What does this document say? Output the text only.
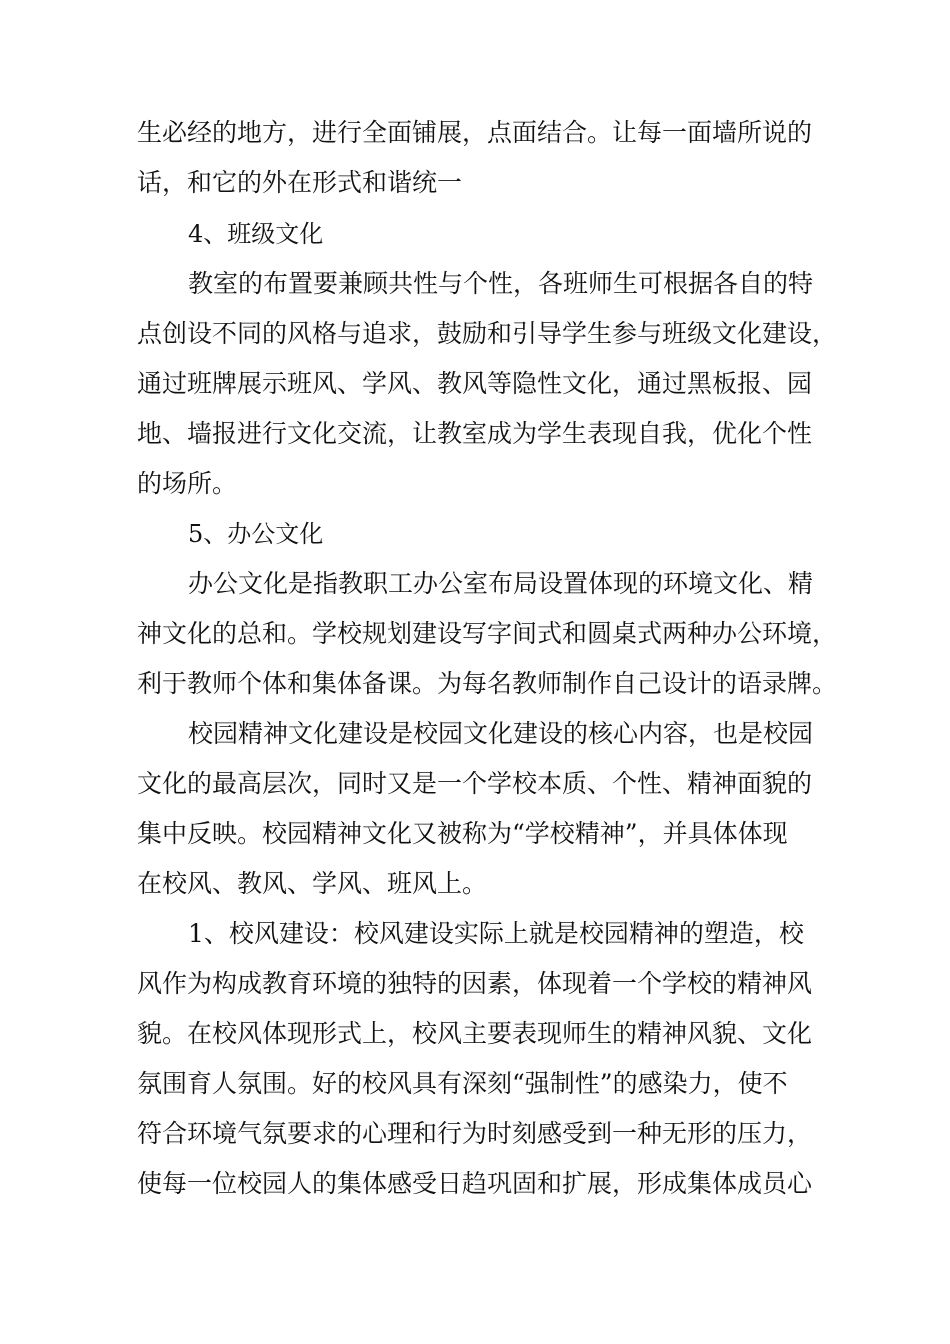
生必经的地方，进行全面铺展，点面结合。让每一面墙所说的
话，和它的外在形式和谐统一
4、班级文化
教室的布置要兼顾共性与个性，各班师生可根据各自的特
点创设不同的风格与追求，鼓励和引导学生参与班级文化建设，
通过班牌展示班风、学风、教风等隐性文化，通过黑板报、园
地、墙报进行文化交流，让教室成为学生表现自我，优化个性
的场所。
5、办公文化
办公文化是指教职工办公室布局设置体现的环境文化、精
神文化的总和。学校规划建设写字间式和圆桌式两种办公环境，
利于教师个体和集体备课。为每名教师制作自己设计的语录牌。
校园精神文化建设是校园文化建设的核心内容，也是校园
文化的最高层次，同时又是一个学校本质、个性、精神面貌的
集中反映。校园精神文化又被称为“学校精神”，并具体体现
在校风、教风、学风、班风上。
1、校风建设：校风建设实际上就是校园精神的塑造，校
风作为构成教育环境的独特的因素，体现着一个学校的精神风
貌。在校风体现形式上，校风主要表现师生的精神风貌、文化
氛围育人氛围。好的校风具有深刻“强制性”的感染力，使不
符合环境气氛要求的心理和行为时刻感受到一种无形的压力，
使每一位校园人的集体感受日趋巩固和扩展，形成集体成员心
